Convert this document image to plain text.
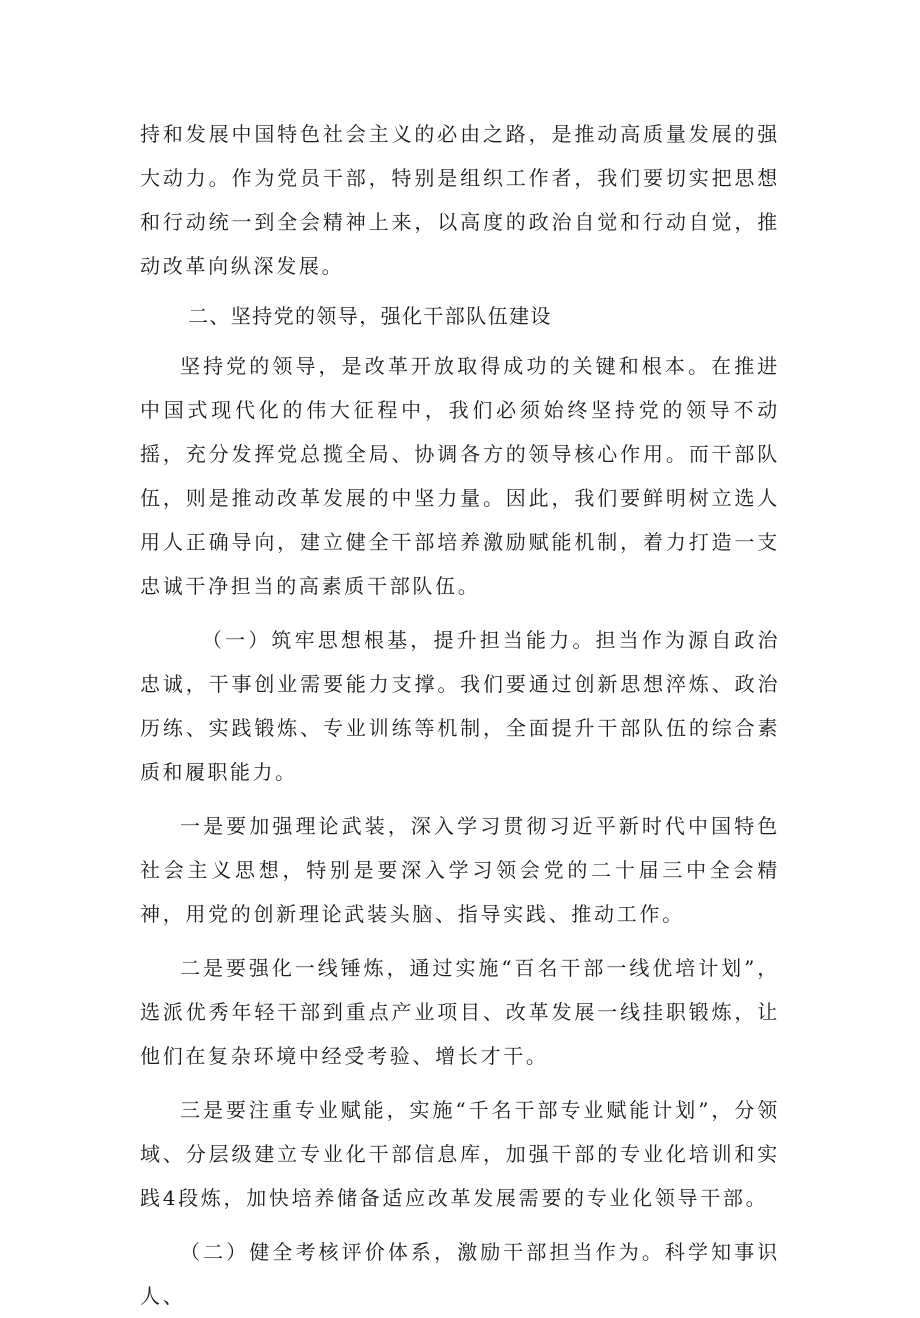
持和发展中国特色社会主义的必由之路，是推动高质量发展的强大动力。作为党员干部，特别是组织工作者，我们要切实把思想和行动统一到全会精神上来，以高度的政治自觉和行动自觉，推动改革向纵深发展。

二、坚持党的领导，强化干部队伍建设

坚持党的领导，是改革开放取得成功的关键和根本。在推进中国式现代化的伟大征程中，我们必须始终坚持党的领导不动摇，充分发挥党总揽全局、协调各方的领导核心作用。而干部队伍，则是推动改革发展的中坚力量。因此，我们要鲜明树立选人用人正确导向，建立健全干部培养激励赋能机制，着力打造一支忠诚干净担当的高素质干部队伍。

（一）筑牢思想根基，提升担当能力。担当作为源自政治忠诚，干事创业需要能力支撑。我们要通过创新思想淬炼、政治历练、实践锻炼、专业训练等机制，全面提升干部队伍的综合素质和履职能力。

一是要加强理论武装，深入学习贯彻习近平新时代中国特色社会主义思想，特别是要深入学习领会党的二十届三中全会精神，用党的创新理论武装头脑、指导实践、推动工作。

二是要强化一线锤炼，通过实施“百名干部一线优培计划”，选派优秀年轻干部到重点产业项目、改革发展一线挂职锻炼，让他们在复杂环境中经受考验、增长才干。

三是要注重专业赋能，实施“千名干部专业赋能计划”，分领域、分层级建立专业化干部信息库，加强干部的专业化培训和实践4段炼，加快培养储备适应改革发展需要的专业化领导干部。

（二）健全考核评价体系，激励干部担当作为。科学知事识人、
